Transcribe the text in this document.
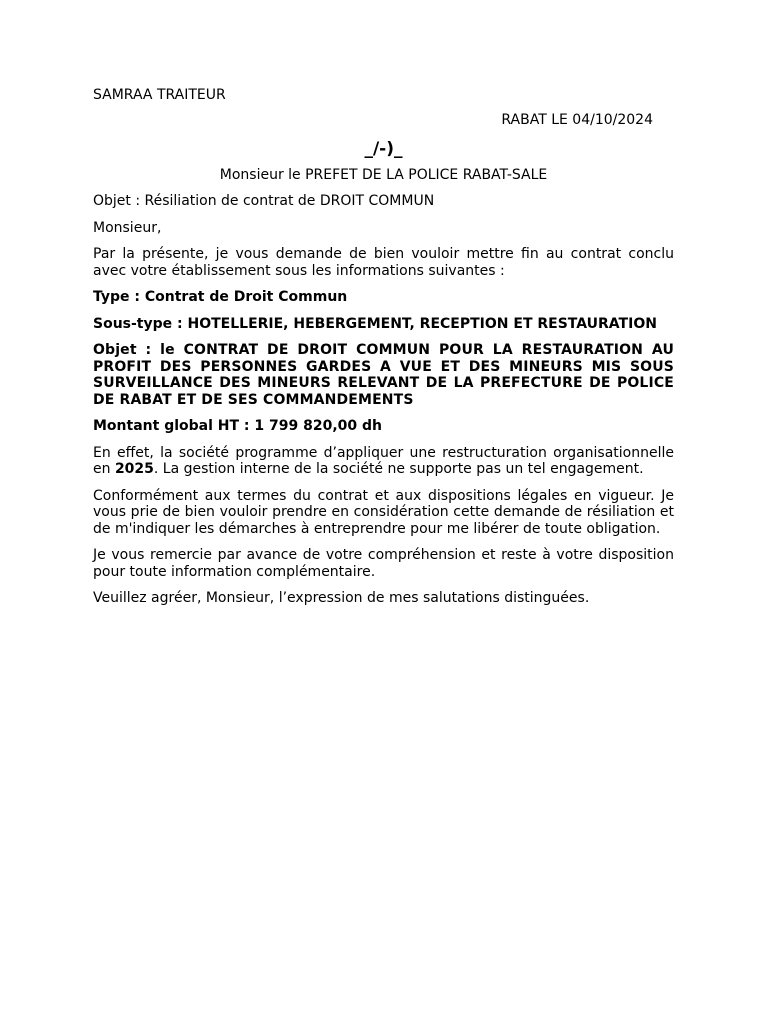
SAMRAA TRAITEUR

RABAT LE 04/10/2024

_/-)_

Monsieur le PREFET DE LA POLICE RABAT-SALE

Objet : Résiliation de contrat de DROIT COMMUN

Monsieur,

Par la présente, je vous demande de bien vouloir mettre fin au contrat conclu avec votre établissement sous les informations suivantes :

Type : Contrat de Droit Commun

Sous-type : HOTELLERIE, HEBERGEMENT, RECEPTION ET RESTAURATION

Objet : le CONTRAT DE DROIT COMMUN POUR LA RESTAURATION AU PROFIT DES PERSONNES GARDES A VUE ET DES MINEURS MIS SOUS SURVEILLANCE DES MINEURS RELEVANT DE LA PREFECTURE DE POLICE DE RABAT ET DE SES COMMANDEMENTS

Montant global HT : 1 799 820,00 dh

En effet, la société programme d’appliquer une restructuration organisationnelle en 2025. La gestion interne de la société ne supporte pas un tel engagement.

Conformément aux termes du contrat et aux dispositions légales en vigueur. Je vous prie de bien vouloir prendre en considération cette demande de résiliation et de m'indiquer les démarches à entreprendre pour me libérer de toute obligation.

Je vous remercie par avance de votre compréhension et reste à votre disposition pour toute information complémentaire.

Veuillez agréer, Monsieur, l’expression de mes salutations distinguées.
